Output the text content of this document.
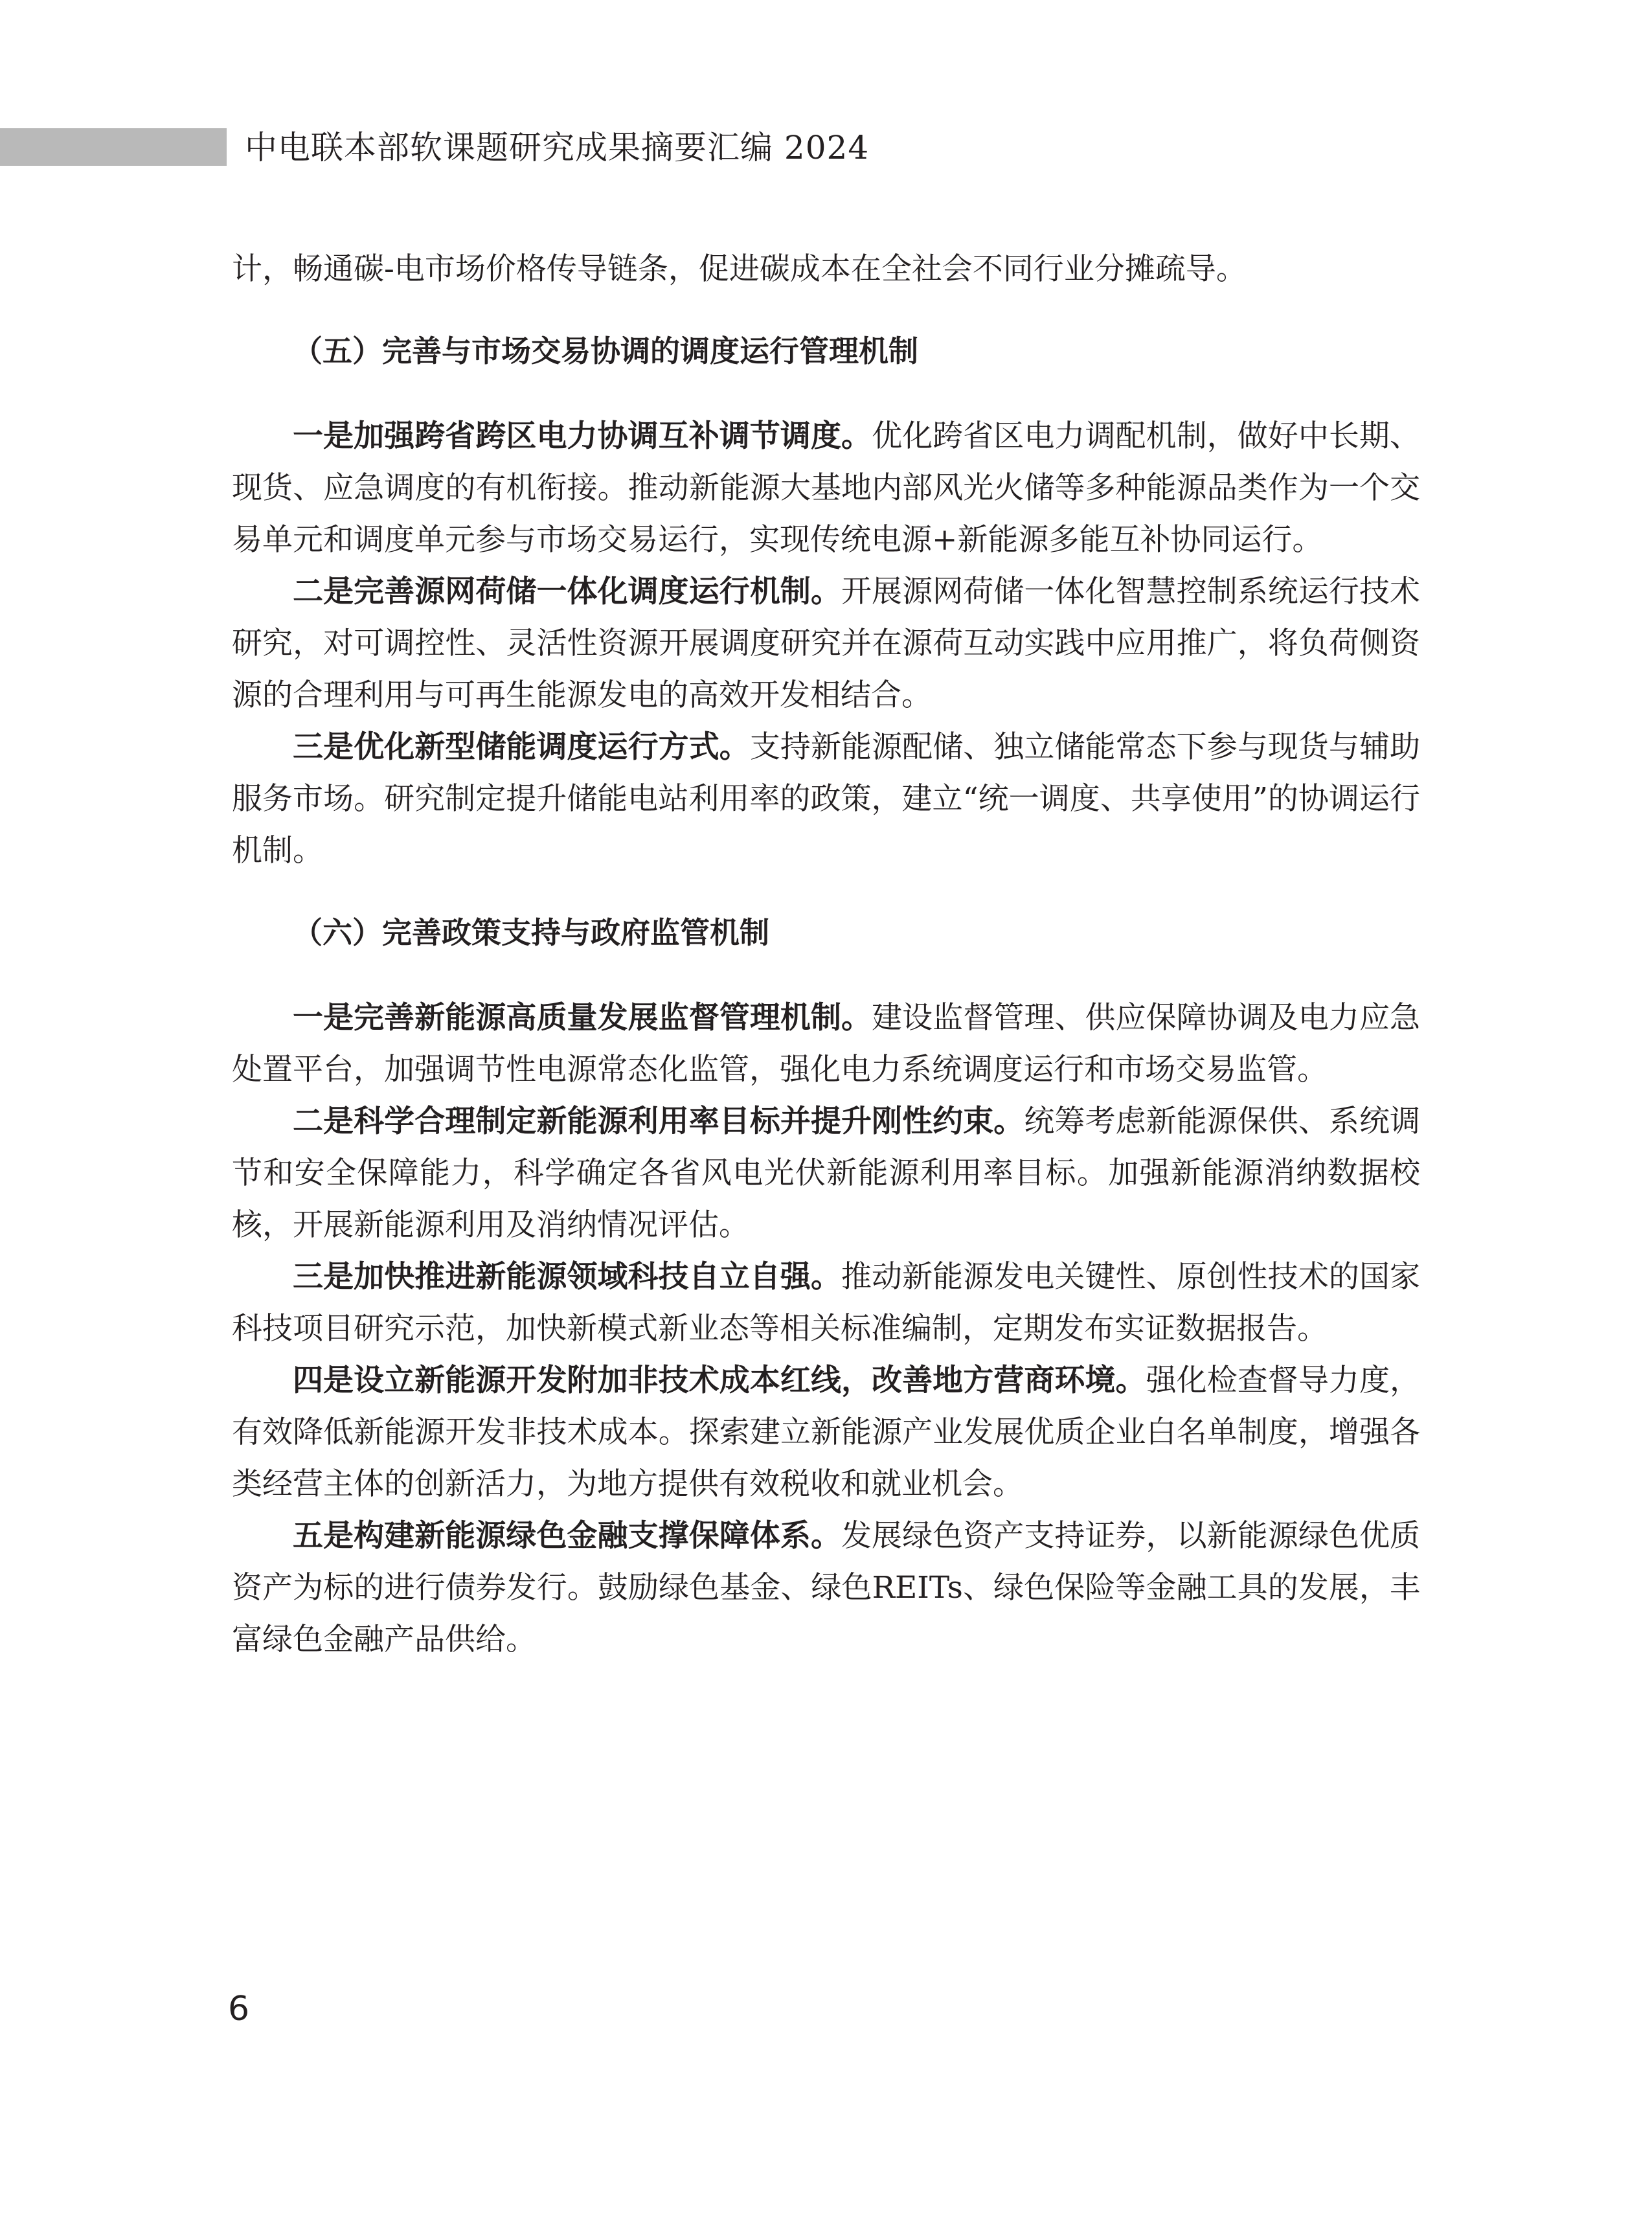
中电联本部软课题研究成果摘要汇编 2024

计，畅通碳-电市场价格传导链条，促进碳成本在全社会不同行业分摊疏导。

（五）完善与市场交易协调的调度运行管理机制

一是加强跨省跨区电力协调互补调节调度。优化跨省区电力调配机制，做好中长期、现货、应急调度的有机衔接。推动新能源大基地内部风光火储等多种能源品类作为一个交易单元和调度单元参与市场交易运行，实现传统电源+新能源多能互补协同运行。

二是完善源网荷储一体化调度运行机制。开展源网荷储一体化智慧控制系统运行技术研究，对可调控性、灵活性资源开展调度研究并在源荷互动实践中应用推广，将负荷侧资源的合理利用与可再生能源发电的高效开发相结合。

三是优化新型储能调度运行方式。支持新能源配储、独立储能常态下参与现货与辅助服务市场。研究制定提升储能电站利用率的政策，建立“统一调度、共享使用”的协调运行机制。

（六）完善政策支持与政府监管机制

一是完善新能源高质量发展监督管理机制。建设监督管理、供应保障协调及电力应急处置平台，加强调节性电源常态化监管，强化电力系统调度运行和市场交易监管。

二是科学合理制定新能源利用率目标并提升刚性约束。统筹考虑新能源保供、系统调节和安全保障能力，科学确定各省风电光伏新能源利用率目标。加强新能源消纳数据校核，开展新能源利用及消纳情况评估。

三是加快推进新能源领域科技自立自强。推动新能源发电关键性、原创性技术的国家科技项目研究示范，加快新模式新业态等相关标准编制，定期发布实证数据报告。

四是设立新能源开发附加非技术成本红线，改善地方营商环境。强化检查督导力度，有效降低新能源开发非技术成本。探索建立新能源产业发展优质企业白名单制度，增强各类经营主体的创新活力，为地方提供有效税收和就业机会。

五是构建新能源绿色金融支撑保障体系。发展绿色资产支持证券，以新能源绿色优质资产为标的进行债券发行。鼓励绿色基金、绿色REITs、绿色保险等金融工具的发展，丰富绿色金融产品供给。

6
